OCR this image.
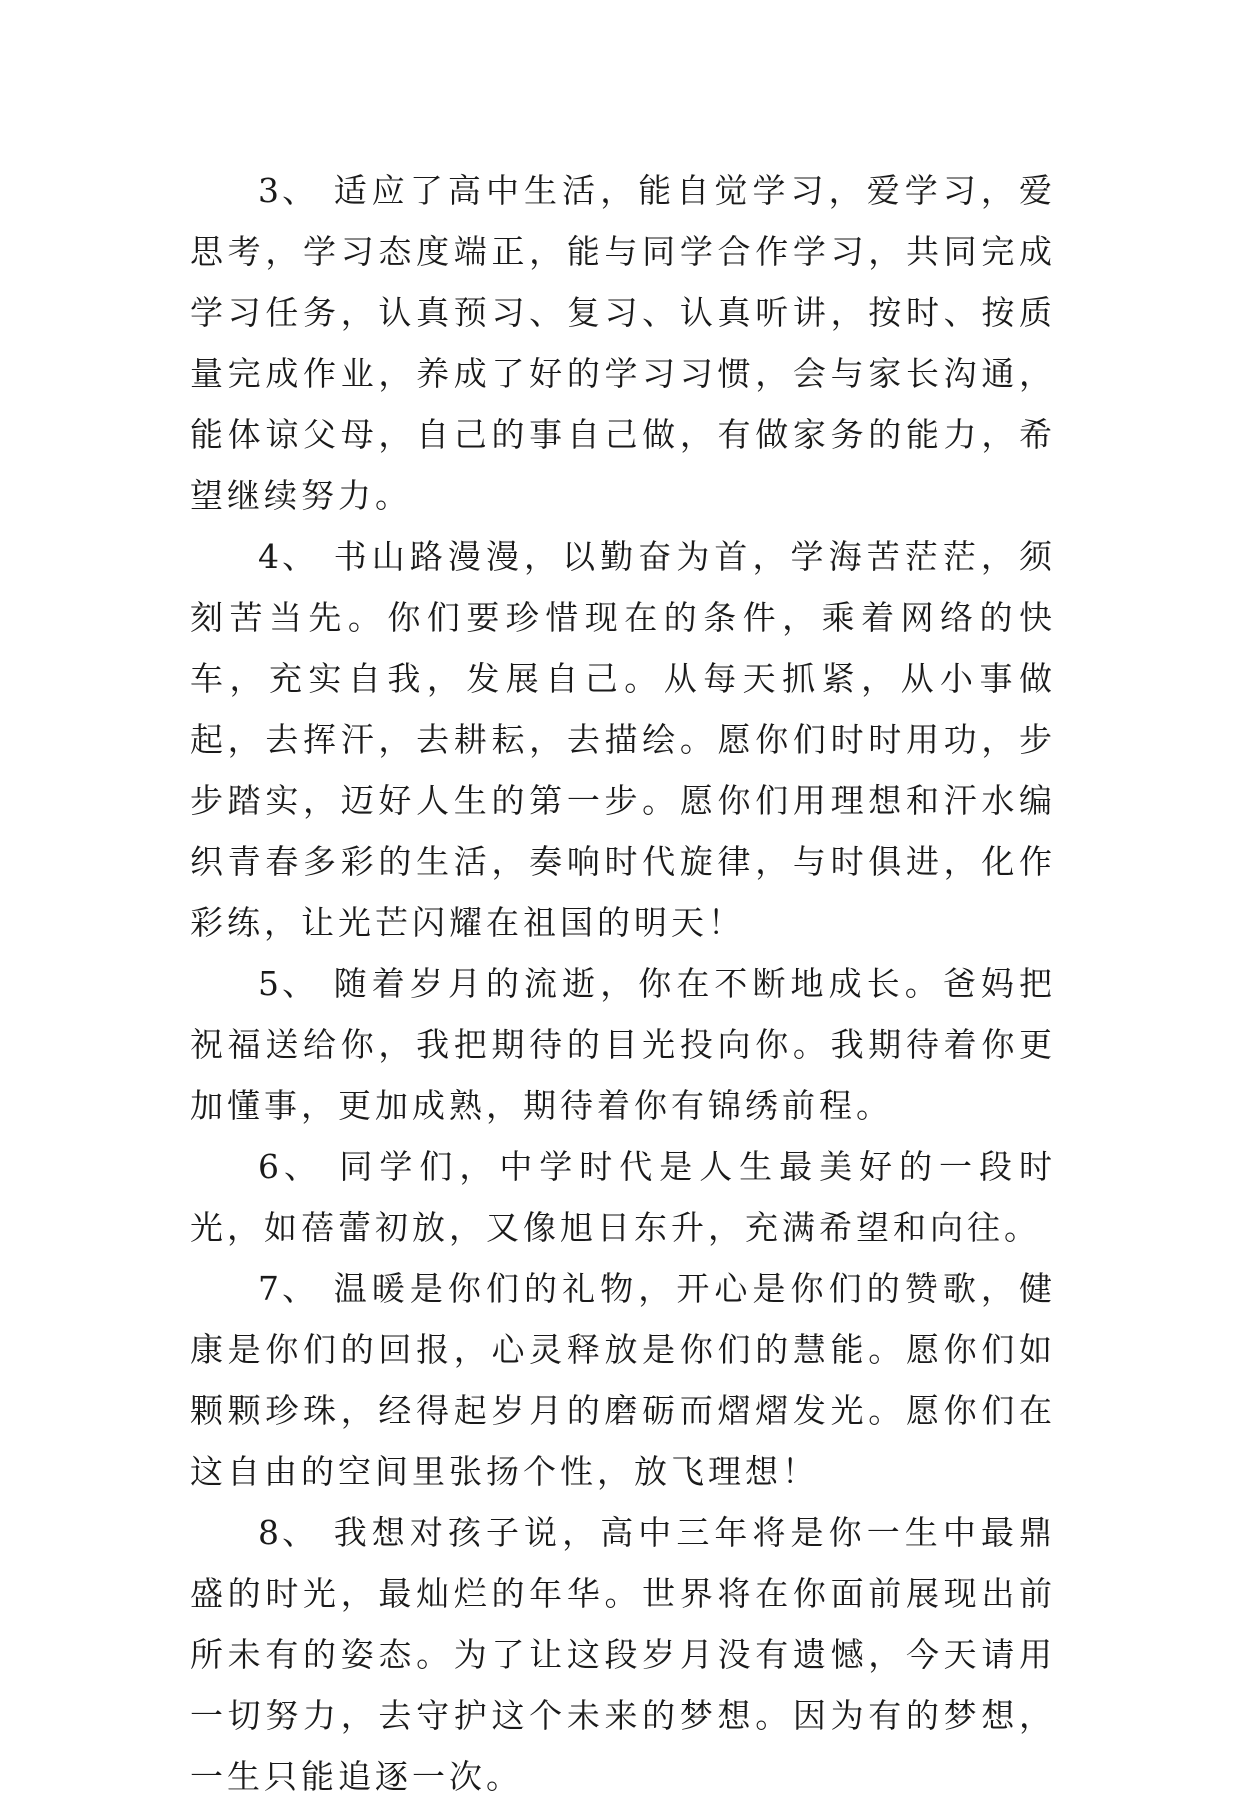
3、 适应了高中生活，能自觉学习，爱学习，爱思考，学习态度端正，能与同学合作学习，共同完成学习任务，认真预习、复习、认真听讲，按时、按质量完成作业，养成了好的学习习惯，会与家长沟通，能体谅父母，自己的事自己做，有做家务的能力，希望继续努力。

4、 书山路漫漫，以勤奋为首，学海苦茫茫，须刻苦当先。你们要珍惜现在的条件，乘着网络的快车，充实自我，发展自己。从每天抓紧，从小事做起，去挥汗，去耕耘，去描绘。愿你们时时用功，步步踏实，迈好人生的第一步。愿你们用理想和汗水编织青春多彩的生活，奏响时代旋律，与时俱进，化作彩练，让光芒闪耀在祖国的明天！

5、 随着岁月的流逝，你在不断地成长。爸妈把祝福送给你，我把期待的目光投向你。我期待着你更加懂事，更加成熟，期待着你有锦绣前程。

6、 同学们，中学时代是人生最美好的一段时光，如蓓蕾初放，又像旭日东升，充满希望和向往。

7、 温暖是你们的礼物，开心是你们的赞歌，健康是你们的回报，心灵释放是你们的慧能。愿你们如颗颗珍珠，经得起岁月的磨砺而熠熠发光。愿你们在这自由的空间里张扬个性，放飞理想！

8、 我想对孩子说，高中三年将是你一生中最鼎盛的时光，最灿烂的年华。世界将在你面前展现出前所未有的姿态。为了让这段岁月没有遗憾，今天请用一切努力，去守护这个未来的梦想。因为有的梦想，一生只能追逐一次。
